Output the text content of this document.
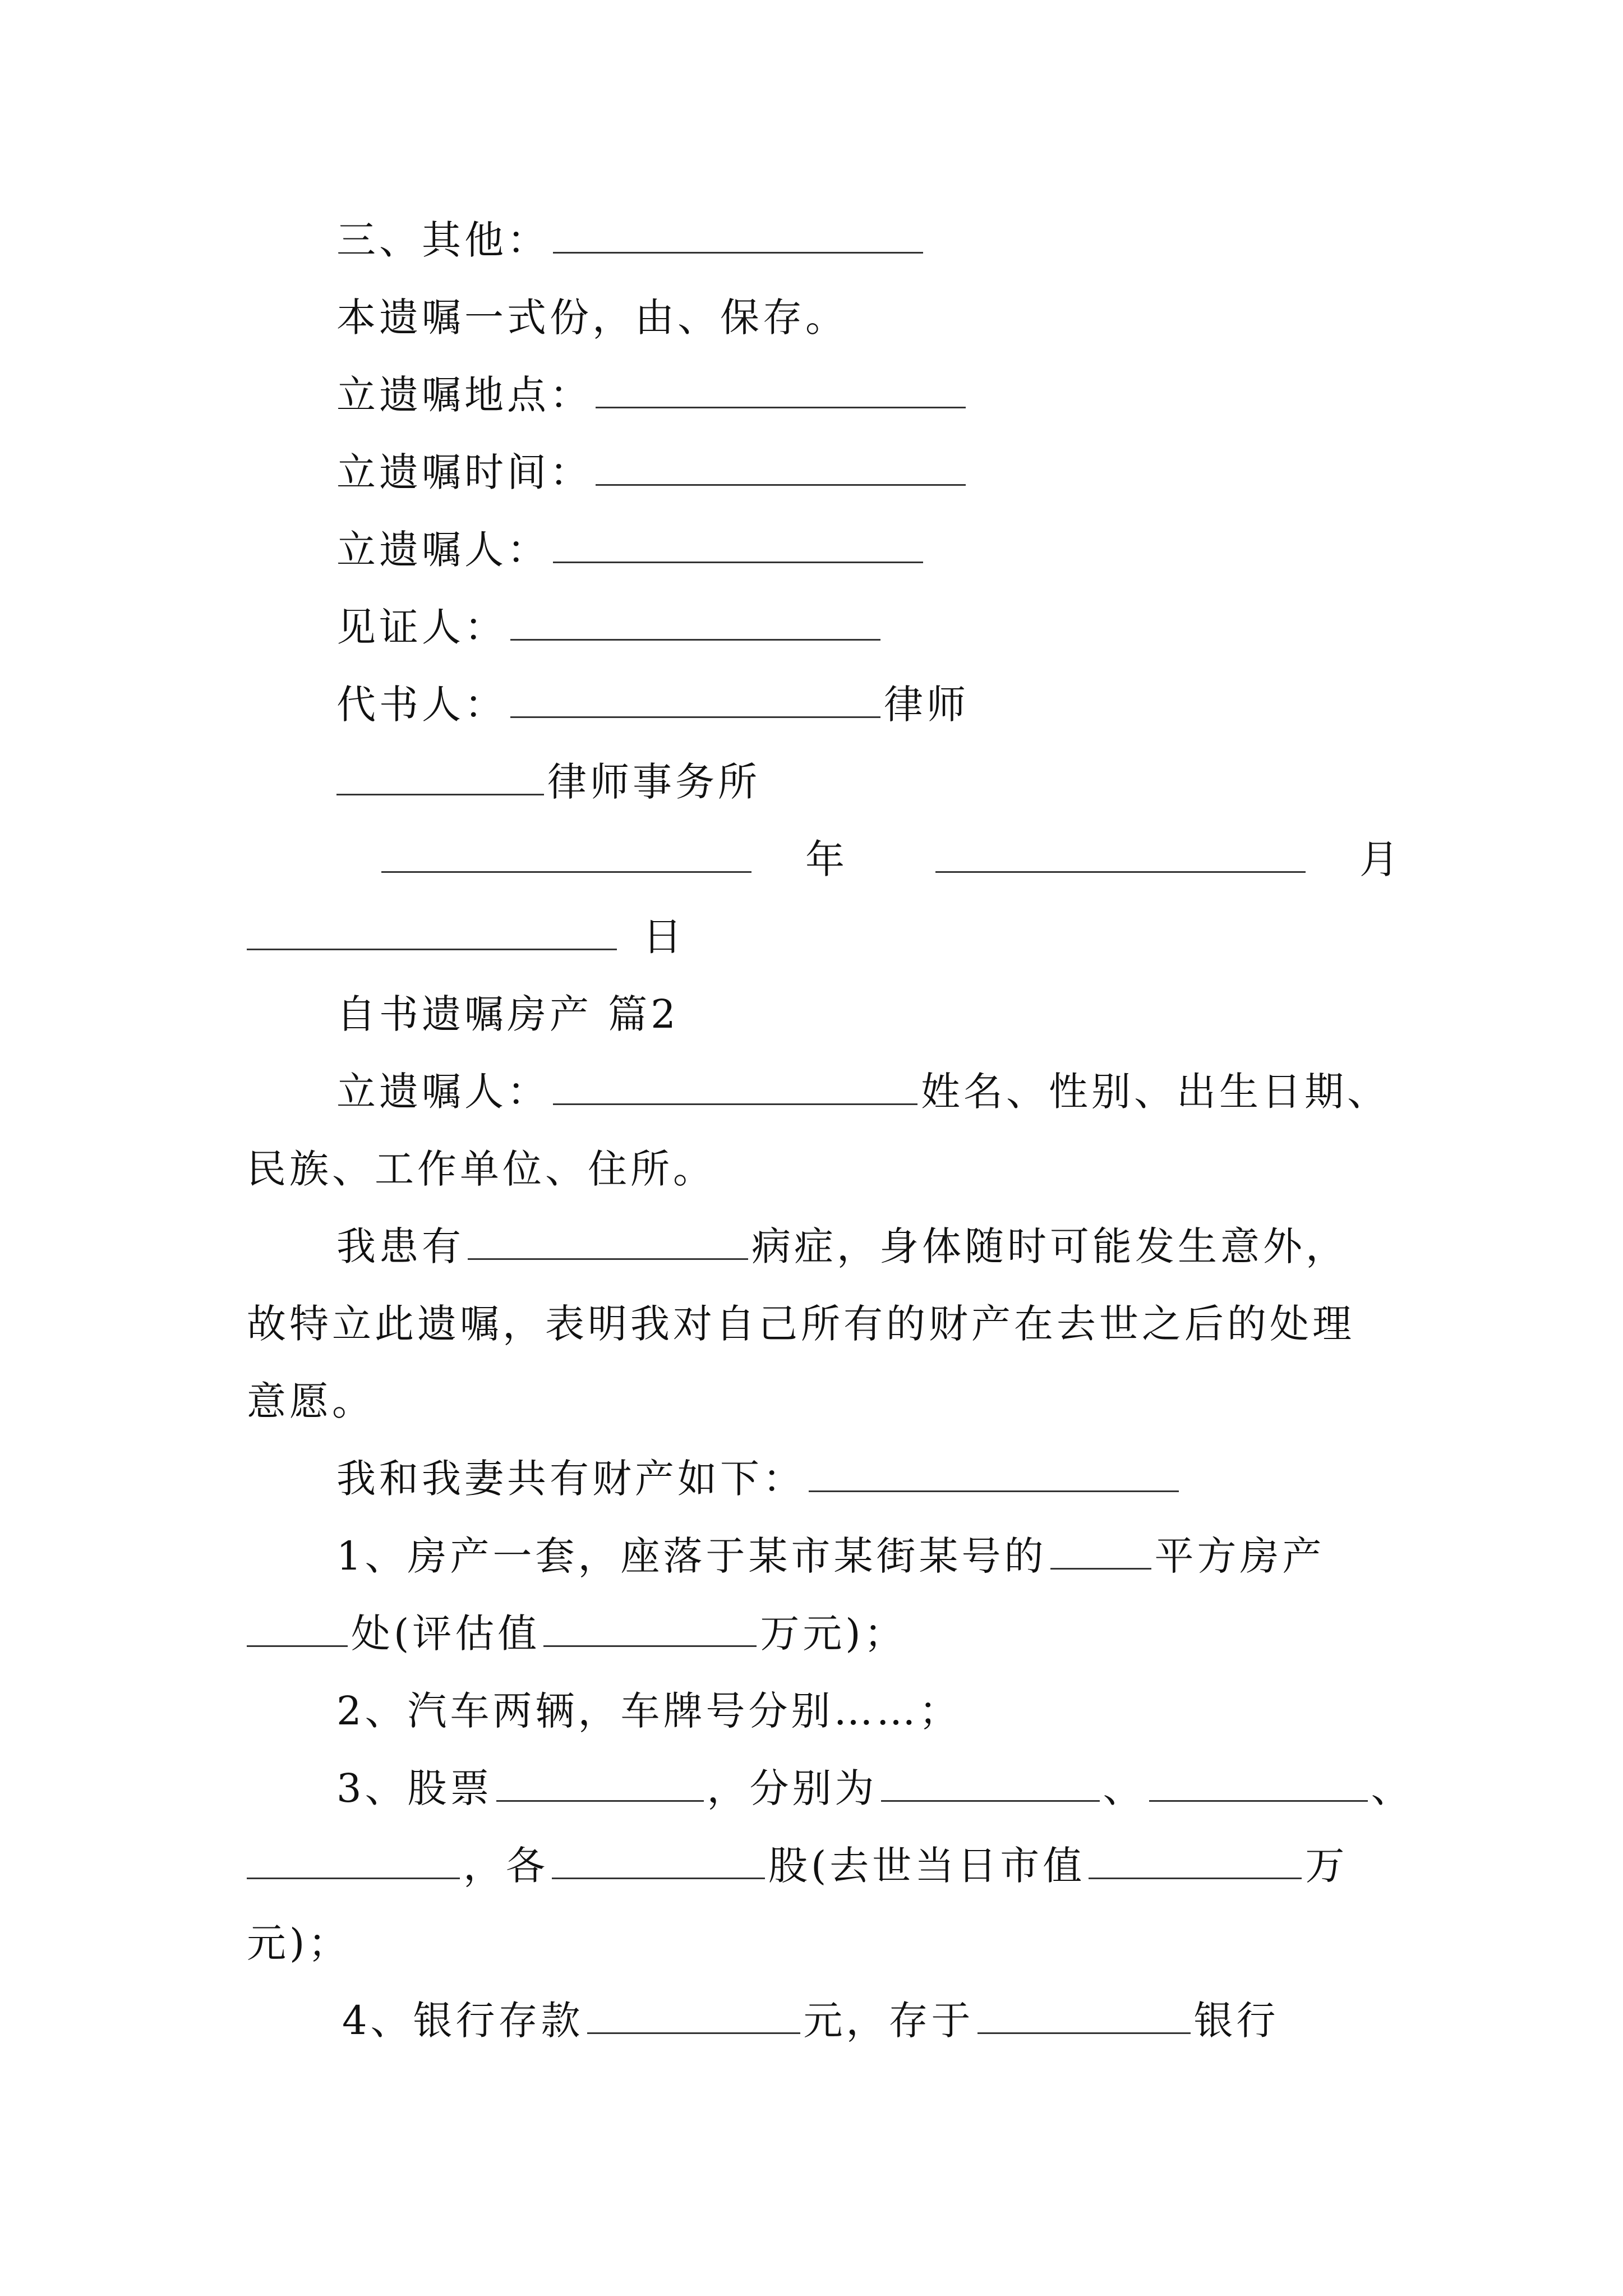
三、其他：
本遗嘱一式份，由、保存。
立遗嘱地点：
立遗嘱时间：
立遗嘱人：
见证人：
代书人：	律师
律师事务所
年	月
日
自书遗嘱房产 篇2
立遗嘱人：	姓名、性别、出生日期、
民族、工作单位、住所。
我患有	病症，身体随时可能发生意外，
故特立此遗嘱，表明我对自己所有的财产在去世之后的处理
意愿。
我和我妻共有财产如下：
1、房产一套，座落于某市某街某号的	平方房产
处(评估值	万元)；
2、汽车两辆，车牌号分别……；
3、股票	，分别为	、	、
，各	股(去世当日市值	万
元)；
4、银行存款	元，存于	银行
